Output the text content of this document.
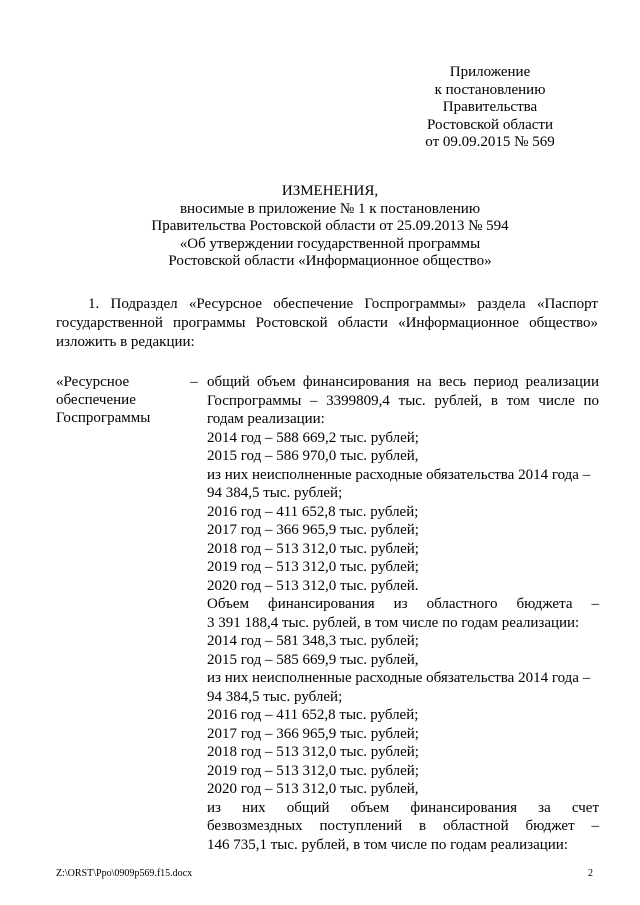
Приложение
к постановлению
Правительства
Ростовской области
от 09.09.2015 № 569
ИЗМЕНЕНИЯ,
вносимые в приложение № 1 к постановлению
Правительства Ростовской области от 25.09.2013 № 594
«Об утверждении государственной программы
Ростовской области «Информационное общество»
1. Подраздел «Ресурсное обеспечение Госпрограммы» раздела «Паспорт
государственной программы Ростовской области «Информационное общество»
изложить в редакции:
«Ресурсное
обеспечение
Госпрограммы
– общий объем финансирования на весь период реализации
Госпрограммы – 3399809,4 тыс. рублей, в том числе по
годам реализации:
2014 год – 588 669,2 тыс. рублей;
2015 год – 586 970,0 тыс. рублей,
из них неисполненные расходные обязательства 2014 года –
94 384,5 тыс. рублей;
2016 год – 411 652,8 тыс. рублей;
2017 год – 366 965,9 тыс. рублей;
2018 год – 513 312,0 тыс. рублей;
2019 год – 513 312,0 тыс. рублей;
2020 год – 513 312,0 тыс. рублей.
Объем финансирования из областного бюджета –
3 391 188,4 тыс. рублей, в том числе по годам реализации:
2014 год – 581 348,3 тыс. рублей;
2015 год – 585 669,9 тыс. рублей,
из них неисполненные расходные обязательства 2014 года –
94 384,5 тыс. рублей;
2016 год – 411 652,8 тыс. рублей;
2017 год – 366 965,9 тыс. рублей;
2018 год – 513 312,0 тыс. рублей;
2019 год – 513 312,0 тыс. рублей;
2020 год – 513 312,0 тыс. рублей,
из них общий объем финансирования за счет
безвозмездных поступлений в областной бюджет –
146 735,1 тыс. рублей, в том числе по годам реализации:
Z:\ORST\Ppo\0909p569.f15.docx	2
